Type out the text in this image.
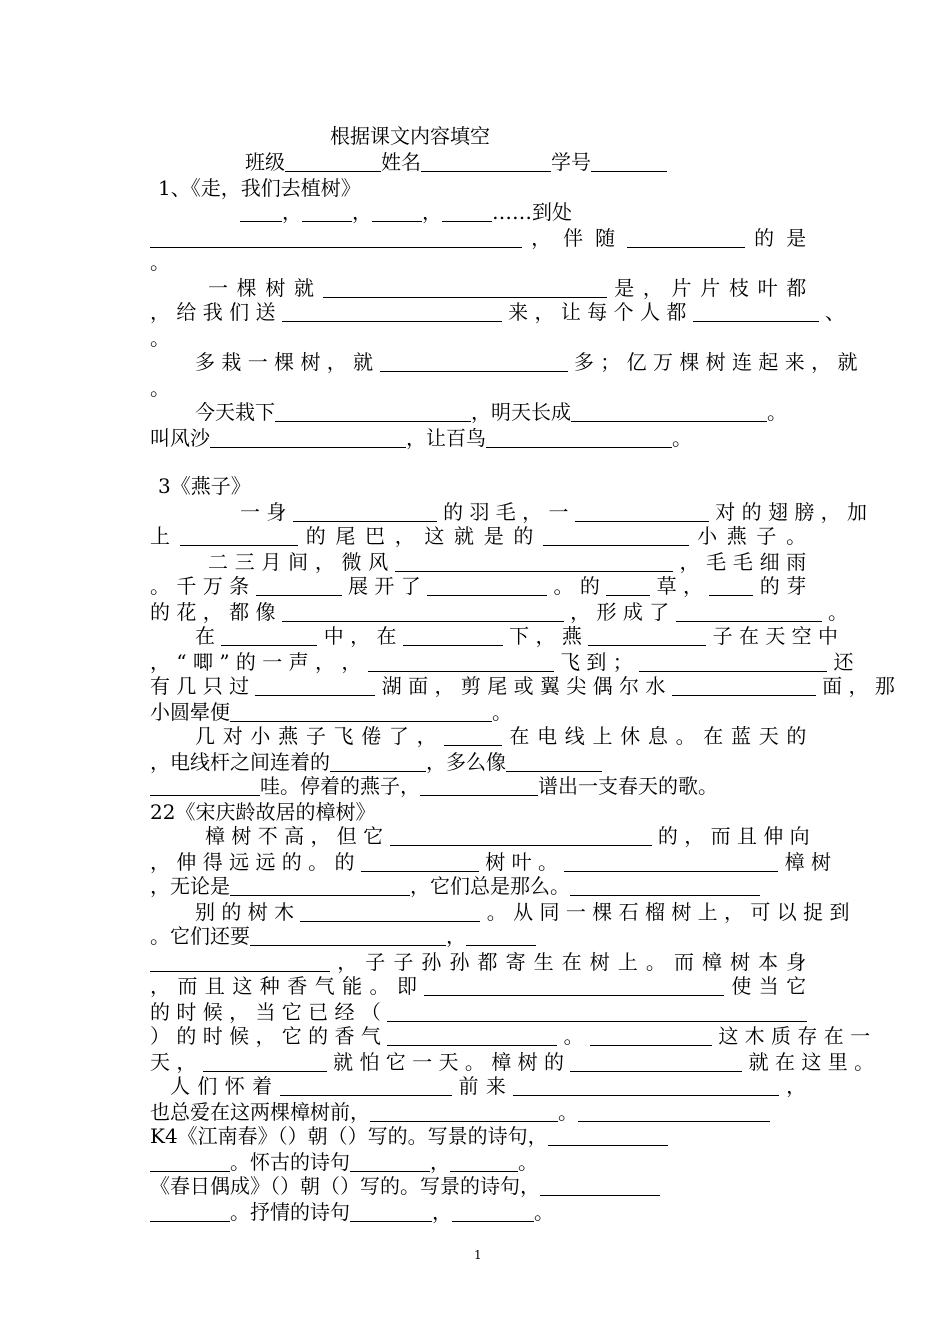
根据课文内容填空
班级	姓名	学号
1、《走，我们去植树》
，	，	，	……到处
， 伴 随	的 是
。
一 棵 树 就	是 ， 片 片 枝 叶 都
， 给 我 们 送	来 ， 让 每 个 人 都	、
。
多 栽 一 棵 树 ， 就	多 ； 亿 万 棵 树 连 起 来 ， 就
。
今天栽下	，明天长成	。
叫风沙	，让百鸟	。
3《燕子》
一 身	的 羽 毛 ， 一	对 的 翅 膀 ， 加
上	的 尾 巴 ， 这 就 是 的	小 燕 子 。
二 三 月 间 ， 微 风	， 毛 毛 细 雨
。 千 万 条	展 开 了	。 的	草 ，	的 芽
的 花 ， 都 像	， 形 成 了	。
在	中 ， 在	下 ， 燕	子 在 天 空 中
， “ 唧 ” 的 一 声 ， ，	飞 到 ；	还
有 几 只 过	湖 面 ， 剪 尾 或 翼 尖 偶 尔 水	面 ， 那
小圆晕便	。
几 对 小 燕 子 飞 倦 了 ，	在 电 线 上 休 息 。 在 蓝 天 的
，电线杆之间连着的	，多么像
哇。停着的燕子，	谱出一支春天的歌。
22《宋庆龄故居的樟树》
樟 树 不 高 ， 但 它	的 ， 而 且 伸 向
， 伸 得 远 远 的 。 的	树 叶 。	樟 树
，无论是	，它们总是那么。
别 的 树 木	。 从 同 一 棵 石 榴 树 上 ， 可 以 捉 到
。它们还要	，
， 子 子 孙 孙 都 寄 生 在 树 上 。 而 樟 树 本 身
， 而 且 这 种 香 气 能 。 即	使 当 它
的 时 候 ， 当 它 已 经 （
） 的 时 候 ， 它 的 香 气	。	这 木 质 存 在 一
天 ，	就 怕 它 一 天 。 樟 树 的	就 在 这 里 。
人 们 怀 着	前 来	，
也总爱在这两棵樟树前，	。
K4《江南春》（）朝（）写的。写景的诗句，
。怀古的诗句	，	。
《春日偶成》（）朝（）写的。写景的诗句，
。抒情的诗句	，	。
1
